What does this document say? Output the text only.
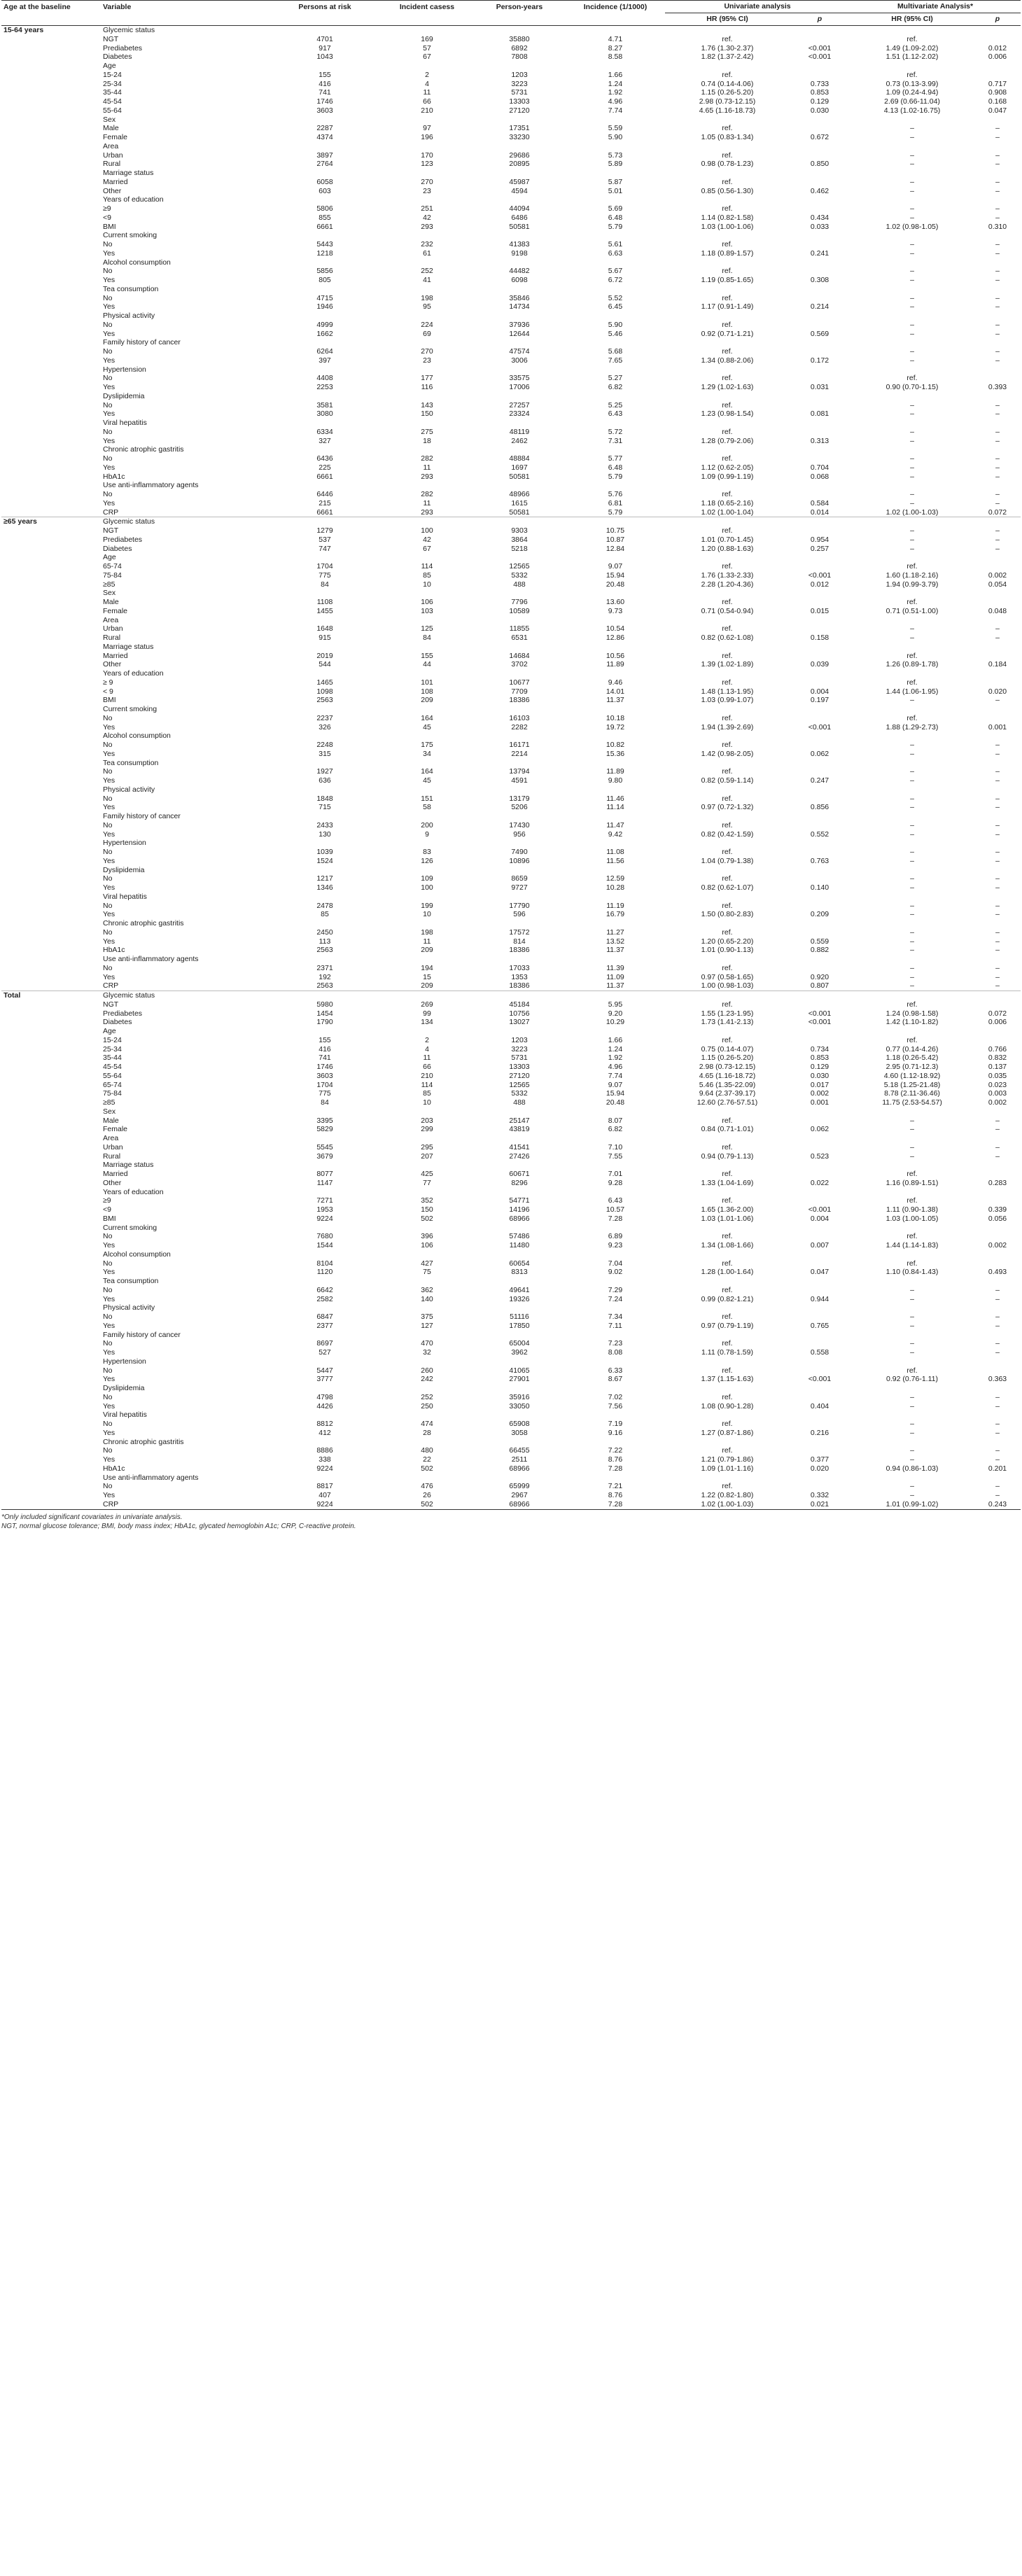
Age at the baseline	Variable	Persons at risk	Incident casess	Person-years	Incidence (1/1000)	Univariate analysis		Multivariate Analysis*	
						HR (95% CI)	p	HR (95% CI)	p
15-64 years	Glycemic status								
	NGT	4701	169	35880	4.71	ref.		ref.	
	Prediabetes	917	57	6892	8.27	1.76 (1.30-2.37)	<0.001	1.49 (1.09-2.02)	0.012
	Diabetes	1043	67	7808	8.58	1.82 (1.37-2.42)	<0.001	1.51 (1.12-2.02)	0.006
	Age								
	15-24	155	2	1203	1.66	ref.		ref.	
	25-34	416	4	3223	1.24	0.74 (0.14-4.06)	0.733	0.73 (0.13-3.99)	0.717
	35-44	741	11	5731	1.92	1.15 (0.26-5.20)	0.853	1.09 (0.24-4.94)	0.908
	45-54	1746	66	13303	4.96	2.98 (0.73-12.15)	0.129	2.69 (0.66-11.04)	0.168
	55-64	3603	210	27120	7.74	4.65 (1.16-18.73)	0.030	4.13 (1.02-16.75)	0.047
	Sex								
	Male	2287	97	17351	5.59	ref.		–	–
	Female	4374	196	33230	5.90	1.05 (0.83-1.34)	0.672	–	–
	Area								
	Urban	3897	170	29686	5.73	ref.		–	–
	Rural	2764	123	20895	5.89	0.98 (0.78-1.23)	0.850	–	–
	Marriage status								
	Married	6058	270	45987	5.87	ref.		–	–
	Other	603	23	4594	5.01	0.85 (0.56-1.30)	0.462	–	–
	Years of education								
	≥9	5806	251	44094	5.69	ref.		–	–
	<9	855	42	6486	6.48	1.14 (0.82-1.58)	0.434	–	–
	BMI	6661	293	50581	5.79	1.03 (1.00-1.06)	0.033	1.02 (0.98-1.05)	0.310
	Current smoking								
	No	5443	232	41383	5.61	ref.		–	–
	Yes	1218	61	9198	6.63	1.18 (0.89-1.57)	0.241	–	–
	Alcohol consumption								
	No	5856	252	44482	5.67	ref.		–	–
	Yes	805	41	6098	6.72	1.19 (0.85-1.65)	0.308	–	–
	Tea consumption								
	No	4715	198	35846	5.52	ref.		–	–
	Yes	1946	95	14734	6.45	1.17 (0.91-1.49)	0.214	–	–
	Physical activity								
	No	4999	224	37936	5.90	ref.		–	–
	Yes	1662	69	12644	5.46	0.92 (0.71-1.21)	0.569	–	–
	Family history of cancer								
	No	6264	270	47574	5.68	ref.		–	–
	Yes	397	23	3006	7.65	1.34 (0.88-2.06)	0.172	–	–
	Hypertension								
	No	4408	177	33575	5.27	ref.		ref.	
	Yes	2253	116	17006	6.82	1.29 (1.02-1.63)	0.031	0.90 (0.70-1.15)	0.393
	Dyslipidemia								
	No	3581	143	27257	5.25	ref.		–	–
	Yes	3080	150	23324	6.43	1.23 (0.98-1.54)	0.081	–	–
	Viral hepatitis								
	No	6334	275	48119	5.72	ref.		–	–
	Yes	327	18	2462	7.31	1.28 (0.79-2.06)	0.313	–	–
	Chronic atrophic gastritis								
	No	6436	282	48884	5.77	ref.		–	–
	Yes	225	11	1697	6.48	1.12 (0.62-2.05)	0.704	–	–
	HbA1c	6661	293	50581	5.79	1.09 (0.99-1.19)	0.068	–	–
	Use anti-inflammatory agents								
	No	6446	282	48966	5.76	ref.		–	–
	Yes	215	11	1615	6.81	1.18 (0.65-2.16)	0.584	–	–
	CRP	6661	293	50581	5.79	1.02 (1.00-1.04)	0.014	1.02 (1.00-1.03)	0.072
≥65 years	Glycemic status								
	NGT	1279	100	9303	10.75	ref.		–	–
	Prediabetes	537	42	3864	10.87	1.01 (0.70-1.45)	0.954	–	–
	Diabetes	747	67	5218	12.84	1.20 (0.88-1.63)	0.257	–	–
	Age								
	65-74	1704	114	12565	9.07	ref.		ref.	
	75-84	775	85	5332	15.94	1.76 (1.33-2.33)	<0.001	1.60 (1.18-2.16)	0.002
	≥85	84	10	488	20.48	2.28 (1.20-4.36)	0.012	1.94 (0.99-3.79)	0.054
	Sex								
	Male	1108	106	7796	13.60	ref.		ref.	
	Female	1455	103	10589	9.73	0.71 (0.54-0.94)	0.015	0.71 (0.51-1.00)	0.048
	Area								
	Urban	1648	125	11855	10.54	ref.		–	–
	Rural	915	84	6531	12.86	0.82 (0.62-1.08)	0.158	–	–
	Marriage status								
	Married	2019	155	14684	10.56	ref.		ref.	
	Other	544	44	3702	11.89	1.39 (1.02-1.89)	0.039	1.26 (0.89-1.78)	0.184
	Years of education								
	≥ 9	1465	101	10677	9.46	ref.		ref.	
	< 9	1098	108	7709	14.01	1.48 (1.13-1.95)	0.004	1.44 (1.06-1.95)	0.020
	BMI	2563	209	18386	11.37	1.03 (0.99-1.07)	0.197	–	–
	Current smoking								
	No	2237	164	16103	10.18	ref.		ref.	
	Yes	326	45	2282	19.72	1.94 (1.39-2.69)	<0.001	1.88 (1.29-2.73)	0.001
	Alcohol consumption								
	No	2248	175	16171	10.82	ref.		–	–
	Yes	315	34	2214	15.36	1.42 (0.98-2.05)	0.062	–	–
	Tea consumption								
	No	1927	164	13794	11.89	ref.		–	–
	Yes	636	45	4591	9.80	0.82 (0.59-1.14)	0.247	–	–
	Physical activity								
	No	1848	151	13179	11.46	ref.		–	–
	Yes	715	58	5206	11.14	0.97 (0.72-1.32)	0.856	–	–
	Family history of cancer								
	No	2433	200	17430	11.47	ref.		–	–
	Yes	130	9	956	9.42	0.82 (0.42-1.59)	0.552	–	–
	Hypertension								
	No	1039	83	7490	11.08	ref.		–	–
	Yes	1524	126	10896	11.56	1.04 (0.79-1.38)	0.763	–	–
	Dyslipidemia								
	No	1217	109	8659	12.59	ref.		–	–
	Yes	1346	100	9727	10.28	0.82 (0.62-1.07)	0.140	–	–
	Viral hepatitis								
	No	2478	199	17790	11.19	ref.		–	–
	Yes	85	10	596	16.79	1.50 (0.80-2.83)	0.209	–	–
	Chronic atrophic gastritis								
	No	2450	198	17572	11.27	ref.		–	–
	Yes	113	11	814	13.52	1.20 (0.65-2.20)	0.559	–	–
	HbA1c	2563	209	18386	11.37	1.01 (0.90-1.13)	0.882	–	–
	Use anti-inflammatory agents								
	No	2371	194	17033	11.39	ref.		–	–
	Yes	192	15	1353	11.09	0.97 (0.58-1.65)	0.920	–	–
	CRP	2563	209	18386	11.37	1.00 (0.98-1.03)	0.807	–	–
Total	Glycemic status								
	NGT	5980	269	45184	5.95	ref.		ref.	
	Prediabetes	1454	99	10756	9.20	1.55 (1.23-1.95)	<0.001	1.24 (0.98-1.58)	0.072
	Diabetes	1790	134	13027	10.29	1.73 (1.41-2.13)	<0.001	1.42 (1.10-1.82)	0.006
	Age								
	15-24	155	2	1203	1.66	ref.		ref.	
	25-34	416	4	3223	1.24	0.75 (0.14-4.07)	0.734	0.77 (0.14-4.26)	0.766
	35-44	741	11	5731	1.92	1.15 (0.26-5.20)	0.853	1.18 (0.26-5.42)	0.832
	45-54	1746	66	13303	4.96	2.98 (0.73-12.15)	0.129	2.95 (0.71-12.3)	0.137
	55-64	3603	210	27120	7.74	4.65 (1.16-18.72)	0.030	4.60 (1.12-18.92)	0.035
	65-74	1704	114	12565	9.07	5.46 (1.35-22.09)	0.017	5.18 (1.25-21.48)	0.023
	75-84	775	85	5332	15.94	9.64 (2.37-39.17)	0.002	8.78 (2.11-36.46)	0.003
	≥85	84	10	488	20.48	12.60 (2.76-57.51)	0.001	11.75 (2.53-54.57)	0.002
	Sex								
	Male	3395	203	25147	8.07	ref.		–	–
	Female	5829	299	43819	6.82	0.84 (0.71-1.01)	0.062	–	–
	Area								
	Urban	5545	295	41541	7.10	ref.		–	–
	Rural	3679	207	27426	7.55	0.94 (0.79-1.13)	0.523	–	–
	Marriage status								
	Married	8077	425	60671	7.01	ref.		ref.	
	Other	1147	77	8296	9.28	1.33 (1.04-1.69)	0.022	1.16 (0.89-1.51)	0.283
	Years of education								
	≥9	7271	352	54771	6.43	ref.		ref.	
	<9	1953	150	14196	10.57	1.65 (1.36-2.00)	<0.001	1.11 (0.90-1.38)	0.339
	BMI	9224	502	68966	7.28	1.03 (1.01-1.06)	0.004	1.03 (1.00-1.05)	0.056
	Current smoking								
	No	7680	396	57486	6.89	ref.		ref.	
	Yes	1544	106	11480	9.23	1.34 (1.08-1.66)	0.007	1.44 (1.14-1.83)	0.002
	Alcohol consumption								
	No	8104	427	60654	7.04	ref.		ref.	
	Yes	1120	75	8313	9.02	1.28 (1.00-1.64)	0.047	1.10 (0.84-1.43)	0.493
	Tea consumption								
	No	6642	362	49641	7.29	ref.		–	–
	Yes	2582	140	19326	7.24	0.99 (0.82-1.21)	0.944	–	–
	Physical activity								
	No	6847	375	51116	7.34	ref.		–	–
	Yes	2377	127	17850	7.11	0.97 (0.79-1.19)	0.765	–	–
	Family history of cancer								
	No	8697	470	65004	7.23	ref.		–	–
	Yes	527	32	3962	8.08	1.11 (0.78-1.59)	0.558	–	–
	Hypertension								
	No	5447	260	41065	6.33	ref.		ref.	
	Yes	3777	242	27901	8.67	1.37 (1.15-1.63)	<0.001	0.92 (0.76-1.11)	0.363
	Dyslipidemia								
	No	4798	252	35916	7.02	ref.		–	–
	Yes	4426	250	33050	7.56	1.08 (0.90-1.28)	0.404	–	–
	Viral hepatitis								
	No	8812	474	65908	7.19	ref.		–	–
	Yes	412	28	3058	9.16	1.27 (0.87-1.86)	0.216	–	–
	Chronic atrophic gastritis								
	No	8886	480	66455	7.22	ref.		–	–
	Yes	338	22	2511	8.76	1.21 (0.79-1.86)	0.377	–	–
	HbA1c	9224	502	68966	7.28	1.09 (1.01-1.16)	0.020	0.94 (0.86-1.03)	0.201
	Use anti-inflammatory agents								
	No	8817	476	65999	7.21	ref.		–	–
	Yes	407	26	2967	8.76	1.22 (0.82-1.80)	0.332	–	–
	CRP	9224	502	68966	7.28	1.02 (1.00-1.03)	0.021	1.01 (0.99-1.02)	0.243
*Only included significant covariates in univariate analysis.
NGT, normal glucose tolerance; BMI, body mass index; HbA1c, glycated hemoglobin A1c; CRP, C-reactive protein.
